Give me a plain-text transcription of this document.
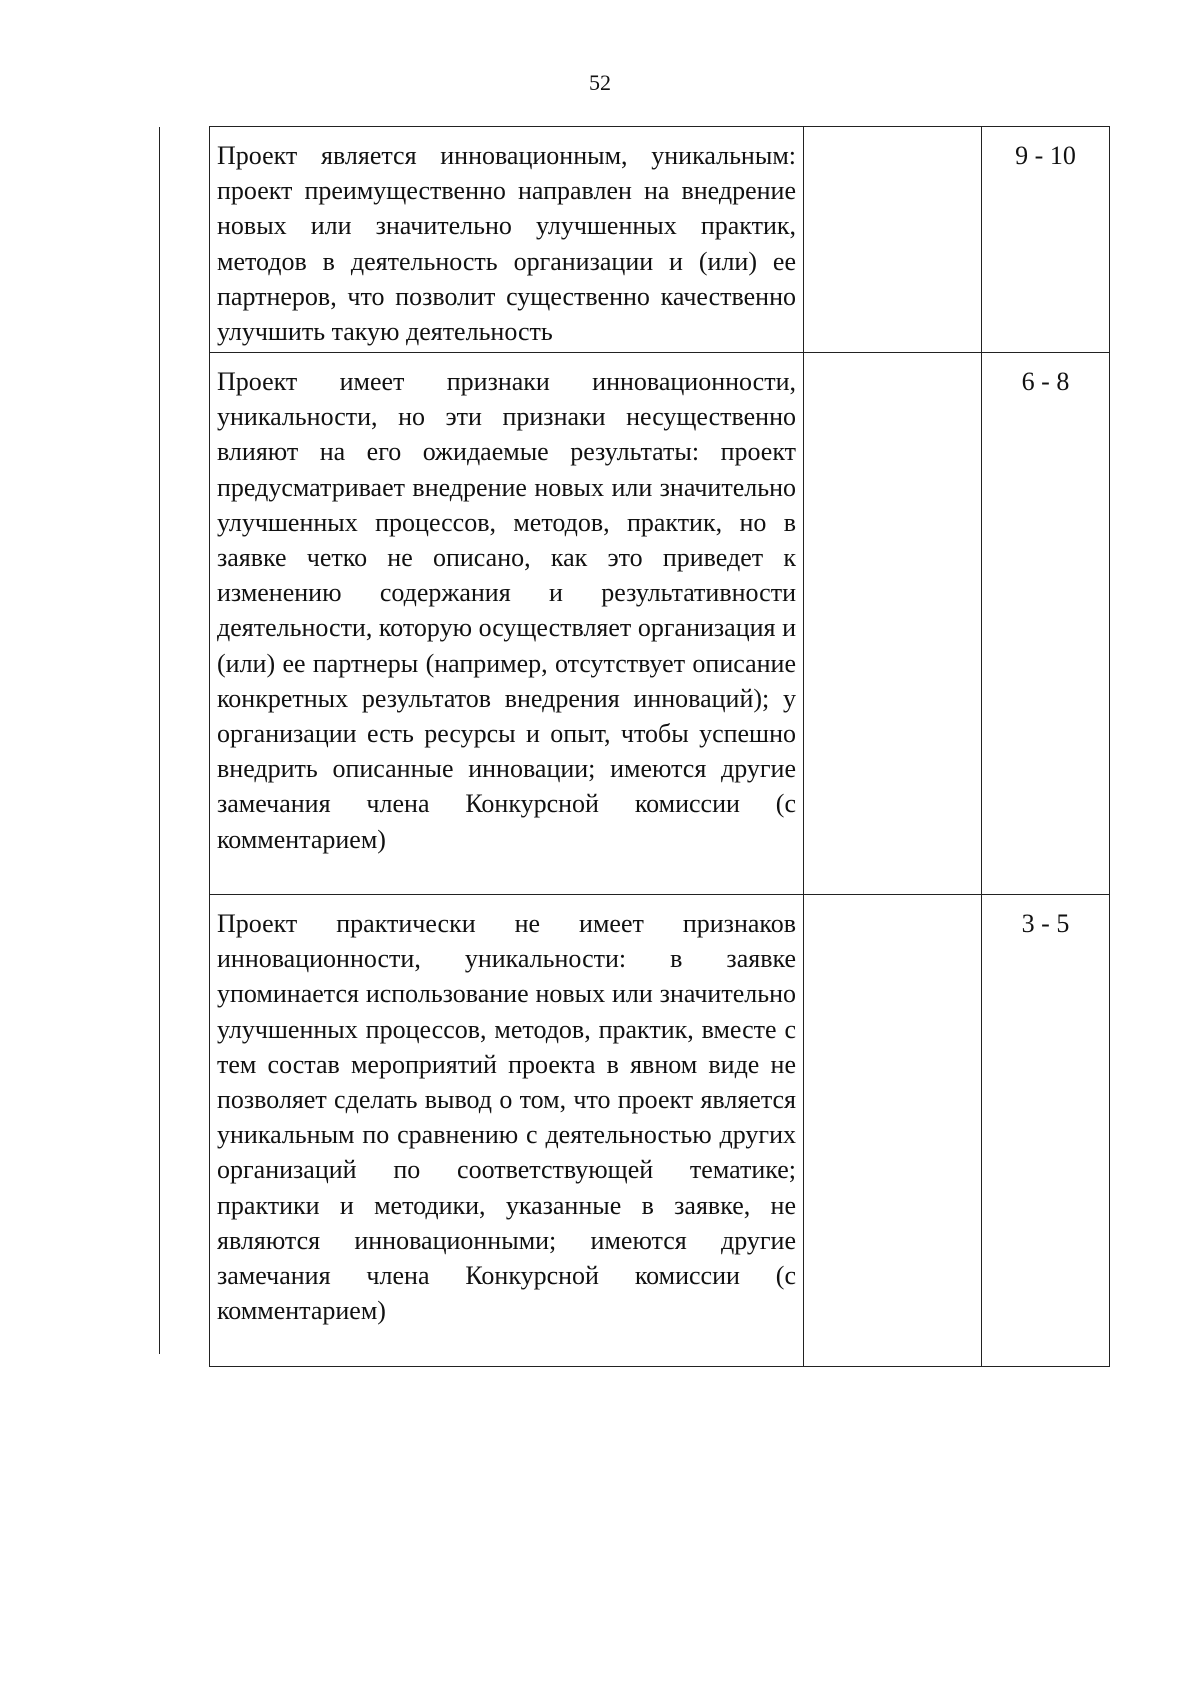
52
Проект является инновационным, уникальным: проект преимущественно направлен на внедрение новых или значительно улучшенных практик, методов в деятельность организации и (или) ее партнеров, что позволит существенно качественно улучшить такую деятельность		9 - 10
Проект имеет признаки инновационности, уникальности, но эти признаки несущественно влияют на его ожидаемые результаты: проект предусматривает внедрение новых или значительно улучшенных процессов, методов, практик, но в заявке четко не описано, как это приведет к изменению содержания и результативности деятельности, которую осуществляет организация и (или) ее партнеры (например, отсутствует описание конкретных результатов внедрения инноваций); у организации есть ресурсы и опыт, чтобы успешно внедрить описанные инновации; имеются другие замечания члена Конкурсной комиссии (с комментарием)		6 - 8
Проект практически не имеет признаков инновационности, уникальности: в заявке упоминается использование новых или значительно улучшенных процессов, методов, практик, вместе с тем состав мероприятий проекта в явном виде не позволяет сделать вывод о том, что проект является уникальным по сравнению с деятельностью других организаций по соответствующей тематике; практики и методики, указанные в заявке, не являются инновационными; имеются другие замечания члена Конкурсной комиссии (с комментарием)		3 - 5
